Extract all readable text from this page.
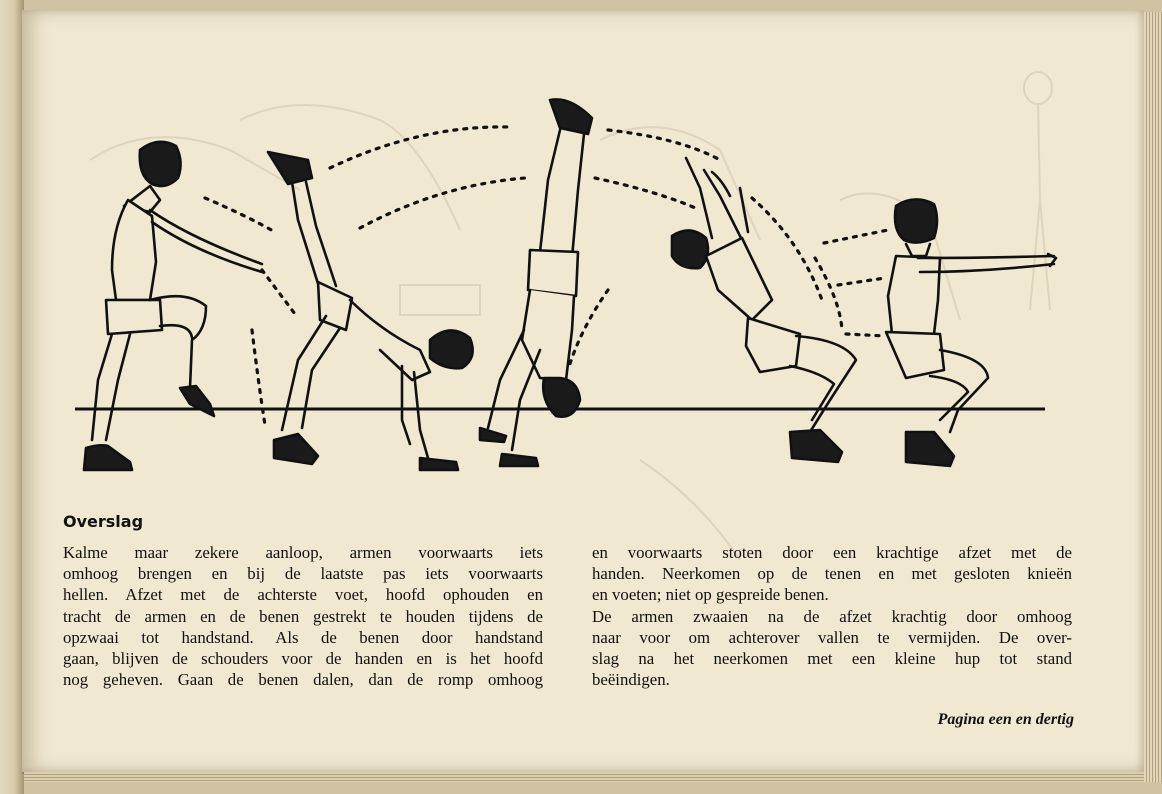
Overslag
Kalme maar zekere aanloop, armen voorwaarts iets
omhoog brengen en bij de laatste pas iets voorwaarts
hellen. Afzet met de achterste voet, hoofd ophouden en
tracht de armen en de benen gestrekt te houden tijdens de
opzwaai tot handstand. Als de benen door handstand
gaan, blijven de schouders voor de handen en is het hoofd
nog geheven. Gaan de benen dalen, dan de romp omhoog
en voorwaarts stoten door een krachtige afzet met de
handen. Neerkomen op de tenen en met gesloten knieën
en voeten; niet op gespreide benen.
De armen zwaaien na de afzet krachtig door omhoog
naar voor om achterover vallen te vermijden. De over-
slag na het neerkomen met een kleine hup tot stand
beëindigen.
Pagina een en dertig
